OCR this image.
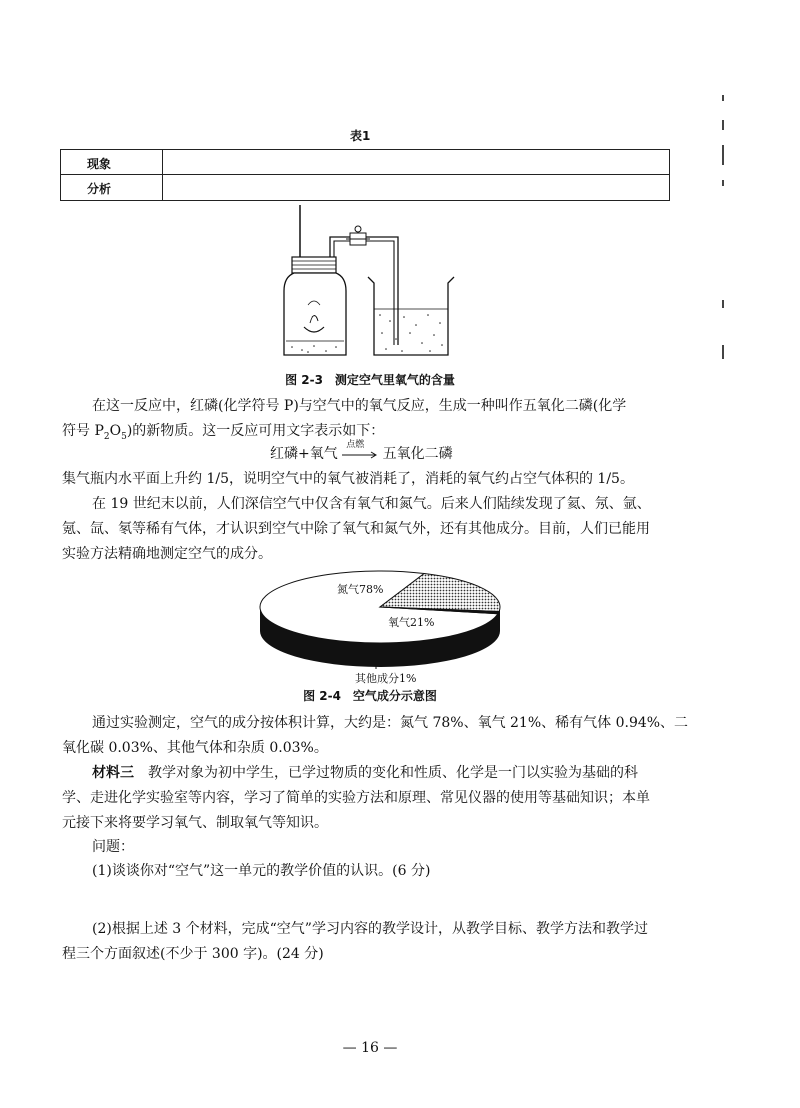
表1
现象
分析
图 2-3　测定空气里氧气的含量
在这一反应中，红磷(化学符号 P)与空气中的氧气反应，生成一种叫作五氧化二磷(化学
符号 $P_2O_5$)的新物质。这一反应可用文字表示如下：
红磷+氧气
点燃
五氧化二磷
集气瓶内水平面上升约 1/5，说明空气中的氧气被消耗了，消耗的氧气约占空气体积的 1/5。
在 19 世纪末以前，人们深信空气中仅含有氧气和氮气。后来人们陆续发现了氦、氖、氩、
氪、氙、氡等稀有气体，才认识到空气中除了氧气和氮气外，还有其他成分。目前，人们已能用
实验方法精确地测定空气的成分。
氮气78%
氧气21%
其他成分1%
图 2-4　空气成分示意图
通过实验测定，空气的成分按体积计算，大约是：氮气 78%、氧气 21%、稀有气体 0.94%、二
氧化碳 0.03%、其他气体和杂质 0.03%。
材料三　教学对象为初中学生，已学过物质的变化和性质、化学是一门以实验为基础的科
学、走进化学实验室等内容，学习了简单的实验方法和原理、常见仪器的使用等基础知识；本单
元接下来将要学习氧气、制取氧气等知识。
问题：
(1)谈谈你对“空气”这一单元的教学价值的认识。(6 分)
(2)根据上述 3 个材料，完成“空气”学习内容的教学设计，从教学目标、教学方法和教学过
程三个方面叙述(不少于 300 字)。(24 分)
— 16 —
